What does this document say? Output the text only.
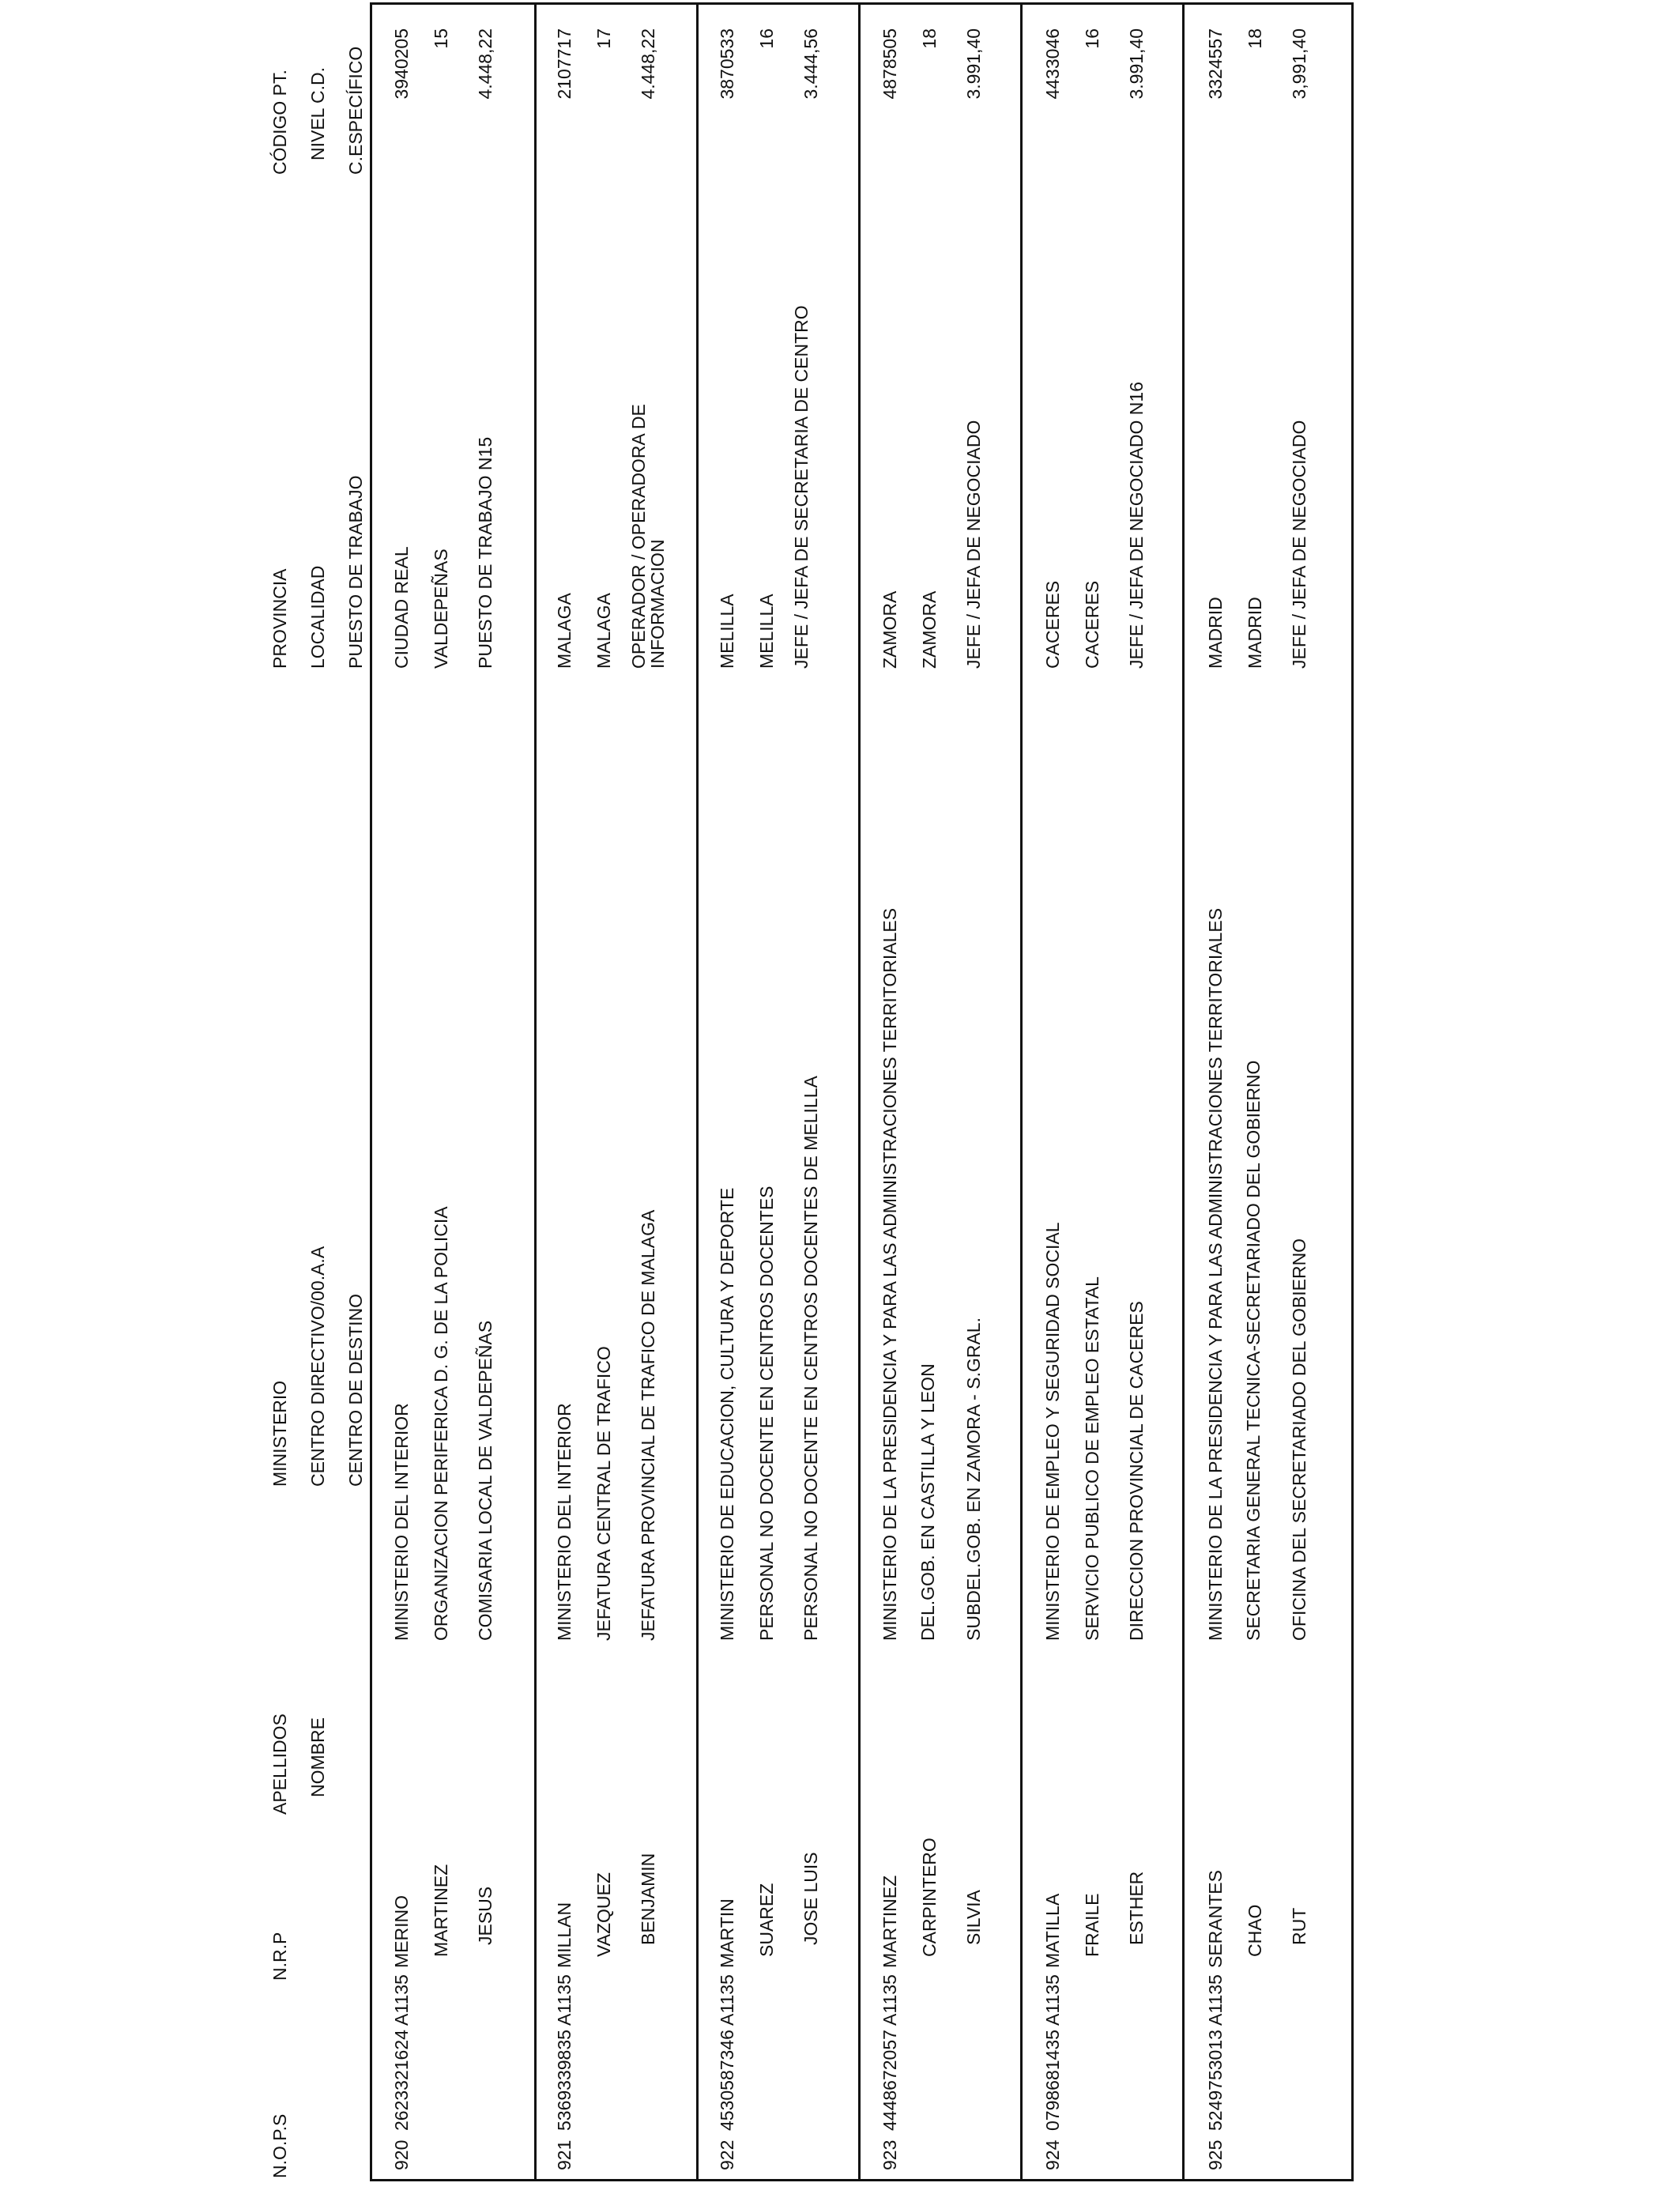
N.O.P.S

N.R.P

APELLIDOS NOMBRE

MINISTERIO CENTRO DIRECTIVO/00.A.A CENTRO DE DESTINO

PROVINCIA LOCALIDAD PUESTO DE TRABAJO

CÓDIGO PT. NIVEL C.D. C.ESPECÍFICO

920
2623321624 A1135
MERINO MARTINEZ JESUS
MINISTERIO DEL INTERIOR ORGANIZACION PERIFERICA D. G. DE LA POLICIA COMISARIA LOCAL DE VALDEPEÑAS
CIUDAD REAL VALDEPEÑAS PUESTO DE TRABAJO N15
3940205 15 4.448,22
921
5369339835 A1135
MILLAN VAZQUEZ BENJAMIN
MINISTERIO DEL INTERIOR JEFATURA CENTRAL DE TRAFICO JEFATURA PROVINCIAL DE TRAFICO DE MALAGA
MALAGA MALAGA OPERADOR / OPERADORA DE INFORMACION
2107717 17 4.448,22
922
4530587346 A1135
MARTIN SUAREZ JOSE LUIS
MINISTERIO DE EDUCACION, CULTURA Y DEPORTE PERSONAL NO DOCENTE EN CENTROS DOCENTES PERSONAL NO DOCENTE EN CENTROS DOCENTES DE MELILLA
MELILLA MELILLA JEFE / JEFA DE SECRETARIA DE CENTRO
3870533 16 3.444,56
923
4448672057 A1135
MARTINEZ CARPINTERO SILVIA
MINISTERIO DE LA PRESIDENCIA Y PARA LAS ADMINISTRACIONES TERRITORIALES DEL.GOB. EN CASTILLA Y LEON SUBDEL.GOB. EN ZAMORA - S.GRAL.
ZAMORA ZAMORA JEFE / JEFA DE NEGOCIADO
4878505 18 3.991,40
924
0798681435 A1135
MATILLA FRAILE ESTHER
MINISTERIO DE EMPLEO Y SEGURIDAD SOCIAL SERVICIO PUBLICO DE EMPLEO ESTATAL DIRECCION PROVINCIAL DE CACERES
CACERES CACERES JEFE / JEFA DE NEGOCIADO N16
4433046 16 3.991,40
925
5249753013 A1135
SERANTES CHAO RUT
MINISTERIO DE LA PRESIDENCIA Y PARA LAS ADMINISTRACIONES TERRITORIALES SECRETARIA GENERAL TECNICA-SECRETARIADO DEL GOBIERNO OFICINA DEL SECRETARIADO DEL GOBIERNO
MADRID MADRID JEFE / JEFA DE NEGOCIADO
3324557 18 3,991,40
